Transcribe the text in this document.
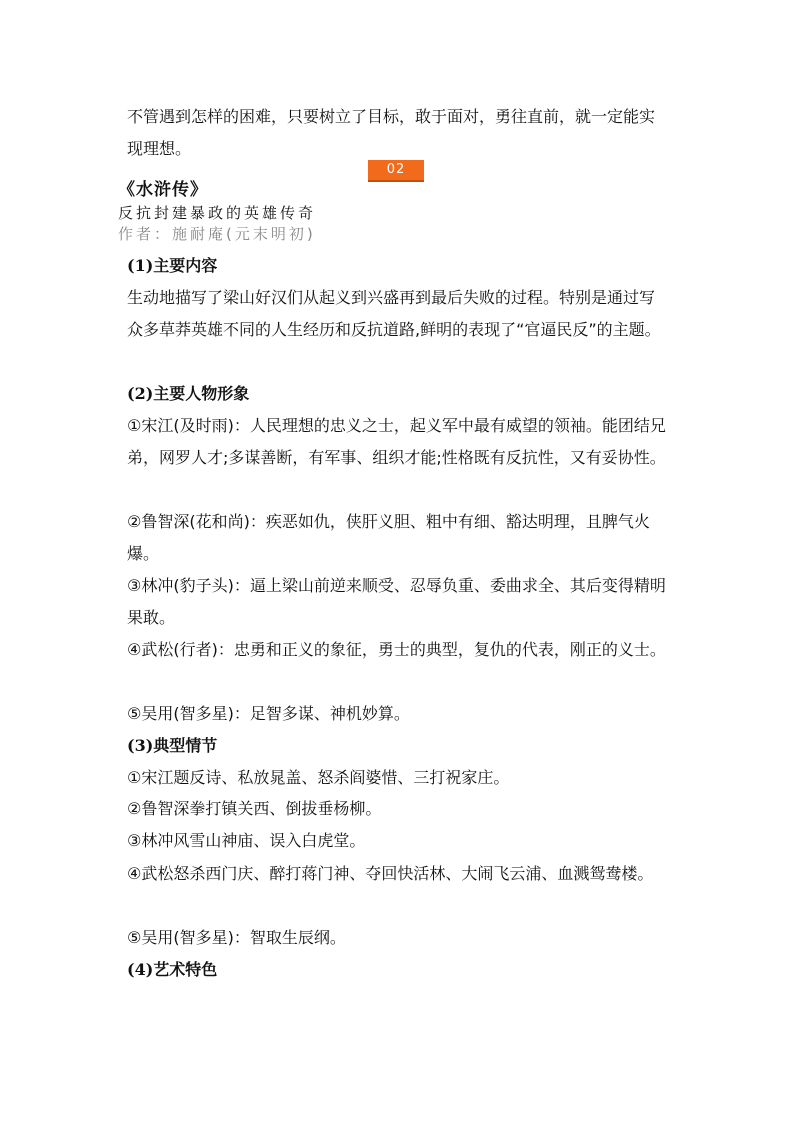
不管遇到怎样的困难，只要树立了目标，敢于面对，勇往直前，就一定能实现理想。
02
《水浒传》
反抗封建暴政的英雄传奇
作者：施耐庵(元末明初)
(1)主要内容
生动地描写了梁山好汉们从起义到兴盛再到最后失败的过程。特别是通过写众多草莽英雄不同的人生经历和反抗道路,鲜明的表现了“官逼民反”的主题。
(2)主要人物形象
①宋江(及时雨)：人民理想的忠义之士，起义军中最有威望的领袖。能团结兄弟，网罗人才;多谋善断，有军事、组织才能;性格既有反抗性，又有妥协性。
②鲁智深(花和尚)：疾恶如仇，侠肝义胆、粗中有细、豁达明理，且脾气火爆。
③林冲(豹子头)：逼上梁山前逆来顺受、忍辱负重、委曲求全、其后变得精明果敢。
④武松(行者)：忠勇和正义的象征，勇士的典型，复仇的代表，刚正的义士。
⑤吴用(智多星)：足智多谋、神机妙算。
(3)典型情节
①宋江题反诗、私放晁盖、怒杀阎婆惜、三打祝家庄。
②鲁智深拳打镇关西、倒拔垂杨柳。
③林冲风雪山神庙、误入白虎堂。
④武松怒杀西门庆、醉打蒋门神、夺回快活林、大闹飞云浦、血溅鸳鸯楼。
⑤吴用(智多星)：智取生辰纲。
(4)艺术特色
